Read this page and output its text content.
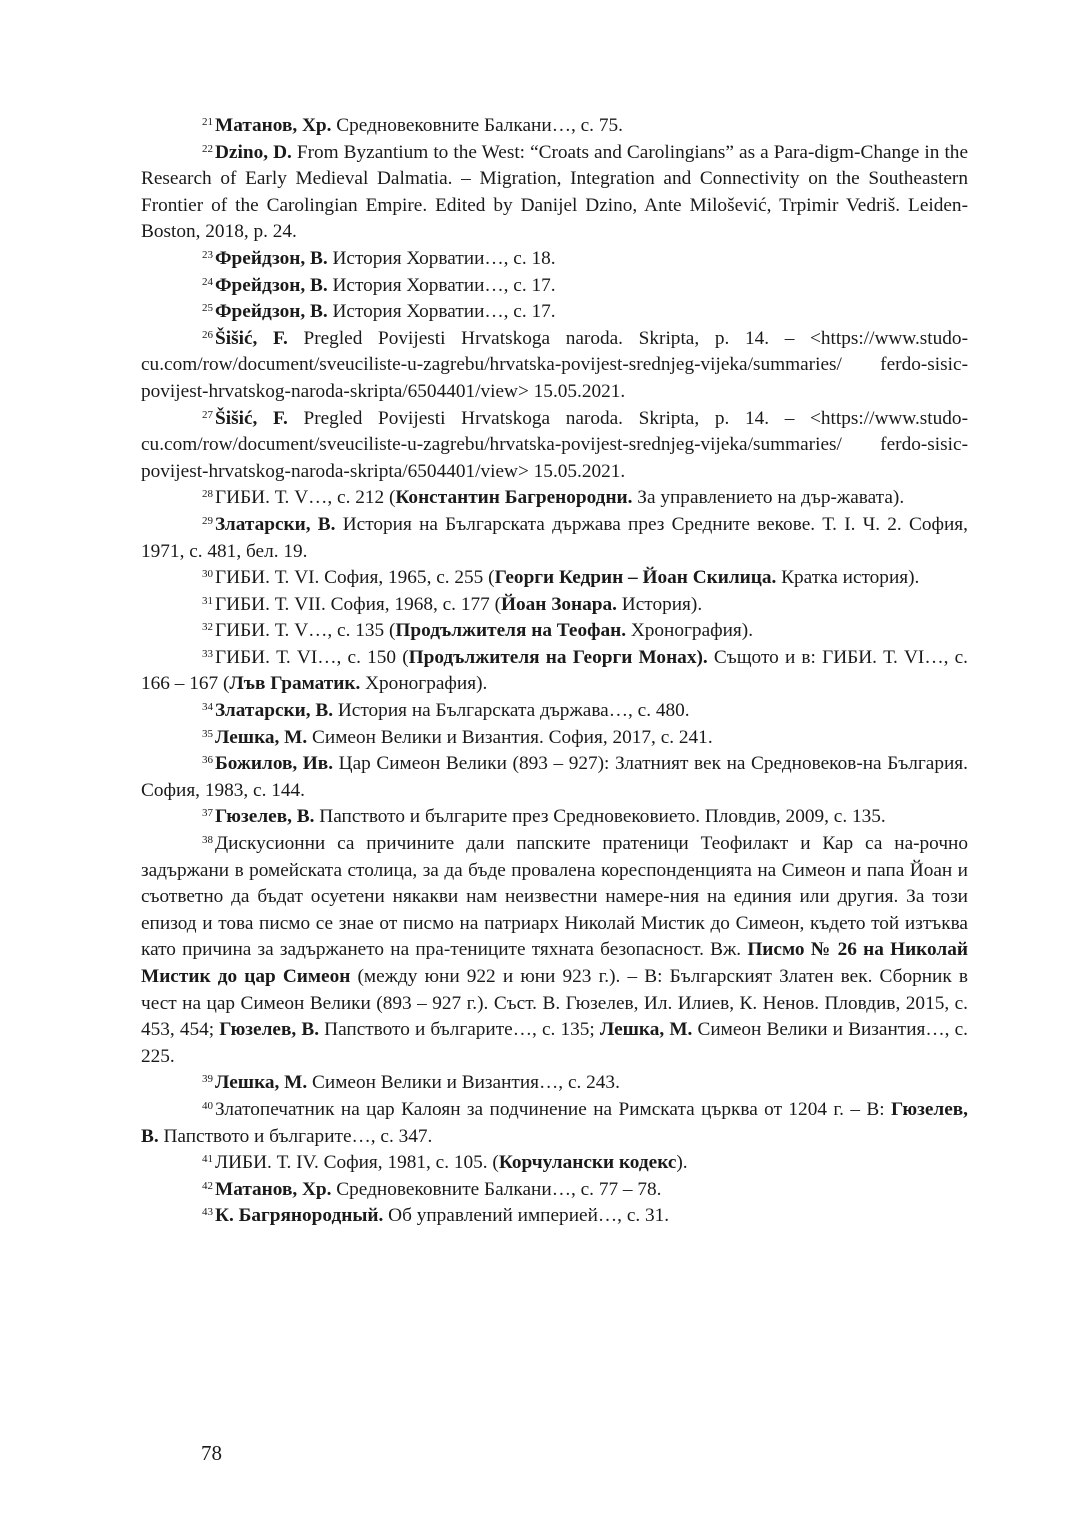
$^{21}$ Матанов, Хр. Средновековните Балкани…, с. 75.

$^{22}$ Dzino, D. From Byzantium to the West: “Croats and Carolingians” as a Para-digm-Change in the Research of Early Medieval Dalmatia. – Migration, Integration and Connectivity on the Southeastern Frontier of the Carolingian Empire. Edited by Danijel Dzino, Ante Milošević, Trpimir Vedriš. Leiden-Boston, 2018, p. 24.

$^{23}$ Фрейдзон, В. История Хорватии…, с. 18.

$^{24}$ Фрейдзон, В. История Хорватии…, с. 17.

$^{25}$ Фрейдзон, В. История Хорватии…, с. 17.

$^{26}$ Šišić, F. Pregled Povijesti Hrvatskoga naroda. Skripta, p. 14. – <https://www.studo-cu.com/row/document/sveuciliste-u-zagrebu/hrvatska-povijest-srednjeg-vijeka/summaries/ ferdo-sisic-povijest-hrvatskog-naroda-skripta/6504401/view> 15.05.2021.

$^{27}$ Šišić, F. Pregled Povijesti Hrvatskoga naroda. Skripta, p. 14. – <https://www.studo-cu.com/row/document/sveuciliste-u-zagrebu/hrvatska-povijest-srednjeg-vijeka/summaries/ ferdo-sisic-povijest-hrvatskog-naroda-skripta/6504401/view> 15.05.2021.

$^{28}$ ГИБИ. Т. V…, с. 212 (Константин Багренородни. За управлението на дър-жавата).

$^{29}$ Златарски, В. История на Българската държава през Средните векове. Т. I. Ч. 2. София, 1971, с. 481, бел. 19.

$^{30}$ ГИБИ. Т. VI. София, 1965, с. 255 (Георги Кедрин – Йоан Скилица. Кратка история).

$^{31}$ ГИБИ. Т. VII. София, 1968, с. 177 (Йоан Зонара. История).

$^{32}$ ГИБИ. Т. V…, с. 135 (Продължителя на Теофан. Хронография).

$^{33}$ ГИБИ. Т. VI…, с. 150 (Продължителя на Георги Монах). Същото и в: ГИБИ. Т. VI…, с. 166 – 167 (Лъв Граматик. Хронография).

$^{34}$ Златарски, В. История на Българската държава…, с. 480.

$^{35}$ Лешка, М. Симеон Велики и Византия. София, 2017, с. 241.

$^{36}$ Божилов, Ив. Цар Симеон Велики (893 – 927): Златният век на Средновеков-на България. София, 1983, с. 144.

$^{37}$ Гюзелев, В. Папството и българите през Средновековието. Пловдив, 2009, с. 135.

$^{38}$ Дискусионни са причините дали папските пратеници Теофилакт и Кар са на-рочно задържани в ромейската столица, за да бъде провалена кореспонденцията на Симеон и папа Йоан и съответно да бъдат осуетени някакви нам неизвестни намере-ния на единия или другия. За този епизод и това писмо се знае от писмо на патриарх Николай Мистик до Симеон, където той изтъква като причина за задържането на пра-тениците тяхната безопасност. Вж. Писмо № 26 на Николай Мистик до цар Симеон (между юни 922 и юни 923 г.). – В: Българският Златен век. Сборник в чест на цар Симеон Велики (893 – 927 г.). Съст. В. Гюзелев, Ил. Илиев, К. Ненов. Пловдив, 2015, с. 453, 454; Гюзелев, В. Папството и българите…, с. 135; Лешка, М. Симеон Велики и Византия…, с. 225.

$^{39}$ Лешка, М. Симеон Велики и Византия…, с. 243.

$^{40}$ Златопечатник на цар Калоян за подчинение на Римската църква от 1204 г. – В: Гюзелев, В. Папството и българите…, с. 347.

$^{41}$ ЛИБИ. Т. IV. София, 1981, с. 105. (Корчулански кодекс).

$^{42}$ Матанов, Хр. Средновековните Балкани…, с. 77 – 78.

$^{43}$ К. Багрянородный. Об управлений империей…, с. 31.

78
